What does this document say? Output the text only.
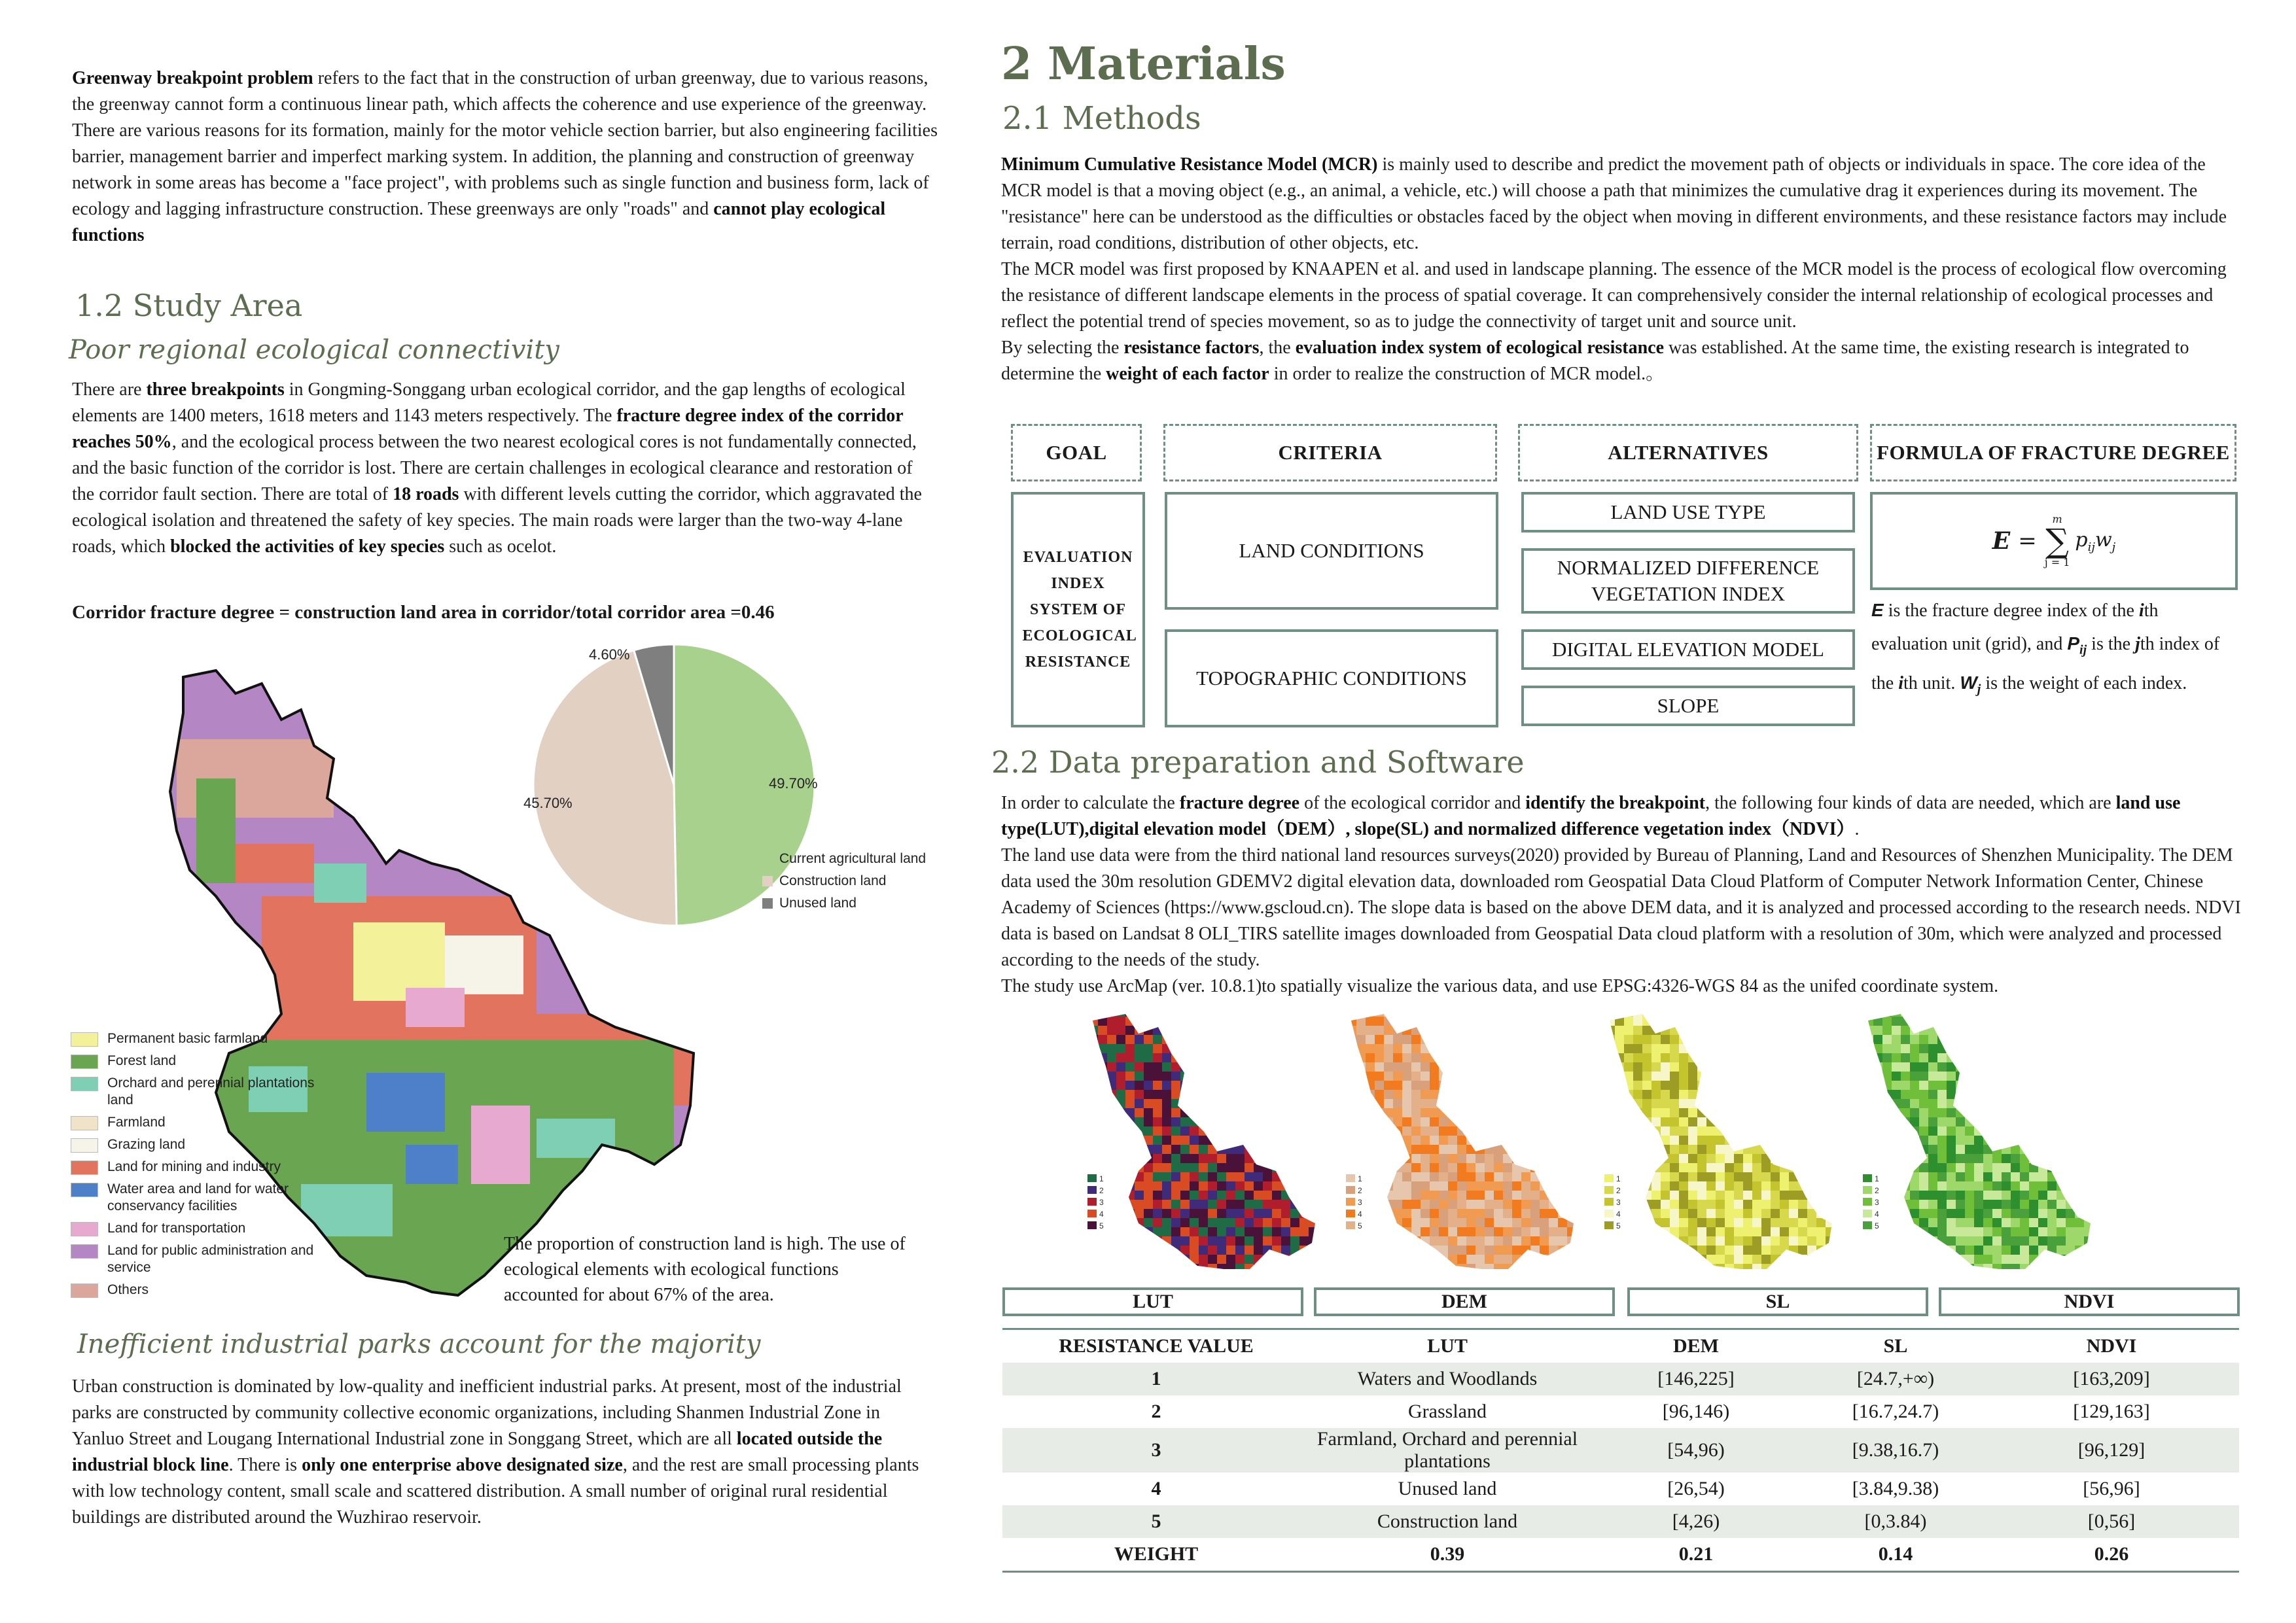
Greenway breakpoint problem refers to the fact that in the construction of urban greenway, due to various reasons, the greenway cannot form a continuous linear path, which affects the coherence and use experience of the greenway. There are various reasons for its formation, mainly for the motor vehicle section barrier, but also engineering facilities barrier, management barrier and imperfect marking system. In addition, the planning and construction of greenway network in some areas has become a "face project", with problems such as single function and business form, lack of ecology and lagging infrastructure construction. These greenways are only "roads" and cannot play ecological functions
1.2 Study Area
Poor regional ecological connectivity
There are three breakpoints in Gongming-Songgang urban ecological corridor, and the gap lengths of ecological elements are 1400 meters, 1618 meters and 1143 meters respectively. The fracture degree index of the corridor reaches 50%, and the ecological process between the two nearest ecological cores is not fundamentally connected, and the basic function of the corridor is lost. There are certain challenges in ecological clearance and restoration of the corridor fault section. There are total of 18 roads with different levels cutting the corridor, which aggravated the ecological isolation and threatened the safety of key species. The main roads were larger than the two-way 4-lane roads, which blocked the activities of key species such as ocelot.
Corridor fracture degree = construction land area in corridor/total corridor area =0.46
49.70%
45.70%
4.60%
Current agricultural land
Construction land
Unused land
Permanent basic farmland
Forest land
Orchard and perennial plantations land
Farmland
Grazing land
Land for mining and industry
Water area and land for water conservancy facilities
Land for transportation
Land for public administration and service
Others
The proportion of construction land is high. The use of ecological elements with ecological functions accounted for about 67% of the area.
Inefficient industrial parks account for the majority
Urban construction is dominated by low-quality and inefficient industrial parks. At present, most of the industrial parks are constructed by community collective economic organizations, including Shanmen Industrial Zone in Yanluo Street and Lougang International Industrial zone in Songgang Street, which are all located outside the industrial block line. There is only one enterprise above designated size, and the rest are small processing plants with low technology content, small scale and scattered distribution. A small number of original rural residential buildings are distributed around the Wuzhirao reservoir.
2 Materials
2.1 Methods
Minimum Cumulative Resistance Model (MCR) is mainly used to describe and predict the movement path of objects or individuals in space. The core idea of the MCR model is that a moving object (e.g., an animal, a vehicle, etc.) will choose a path that minimizes the cumulative drag it experiences during its movement. The "resistance" here can be understood as the difficulties or obstacles faced by the object when moving in different environments, and these resistance factors may include terrain, road conditions, distribution of other objects, etc.
The MCR model was first proposed by KNAAPEN et al. and used in landscape planning. The essence of the MCR model is the process of ecological flow overcoming the resistance of different landscape elements in the process of spatial coverage. It can comprehensively consider the internal relationship of ecological processes and reflect the potential trend of species movement, so as to judge the connectivity of target unit and source unit.
By selecting the resistance factors, the evaluation index system of ecological resistance was established. At the same time, the existing research is integrated to determine the weight of each factor in order to realize the construction of MCR model.。
GOAL	CRITERIA	ALTERNATIVES	FORMULA OF FRACTURE DEGREE
EVALUATION INDEX SYSTEM OF ECOLOGICAL RESISTANCE
LAND CONDITIONS
TOPOGRAPHIC CONDITIONS
LAND USE TYPE
NORMALIZED DIFFERENCE VEGETATION INDEX
DIGITAL ELEVATION MODEL
SLOPE
E =
m
∑
j = 1
$p_{ij}w_j$
E is the fracture degree index of the ith evaluation unit (grid), and $P_{ij}$ is the jth index of the ith unit. $W_j$ is the weight of each index.
2.2 Data preparation and Software
In order to calculate the fracture degree of the ecological corridor and identify the breakpoint, the following four kinds of data are needed, which are land use type(LUT),digital elevation model（DEM）, slope(SL) and normalized difference vegetation index（NDVI）.
The land use data were from the third national land resources surveys(2020) provided by Bureau of Planning, Land and Resources of Shenzhen Municipality. The DEM data used the 30m resolution GDEMV2 digital elevation data, downloaded rom Geospatial Data Cloud Platform of Computer Network Information Center, Chinese Academy of Sciences (https://www.gscloud.cn). The slope data is based on the above DEM data, and it is analyzed and processed according to the research needs. NDVI data is based on Landsat 8 OLI_TIRS satellite images downloaded from Geospatial Data cloud platform with a resolution of 30m, which were analyzed and processed according to the needs of the study.
The study use ArcMap (ver. 10.8.1)to spatially visualize the various data, and use EPSG:4326-WGS 84 as the unifed coordinate system.
1
2
3
4
5
1
2
3
4
5
1
2
3
4
5
1
2
3
4
5
LUT	DEM	SL	NDVI
RESISTANCE VALUE	LUT	DEM	SL	NDVI
1	Waters and Woodlands	[146,225]	[24.7,+∞)	[163,209]
2	Grassland	[96,146)	[16.7,24.7)	[129,163]
3	Farmland, Orchard and perennial plantations	[54,96)	[9.38,16.7)	[96,129]
4	Unused land	[26,54)	[3.84,9.38)	[56,96]
5	Construction land	[4,26)	[0,3.84)	[0,56]
WEIGHT	0.39	0.21	0.14	0.26
